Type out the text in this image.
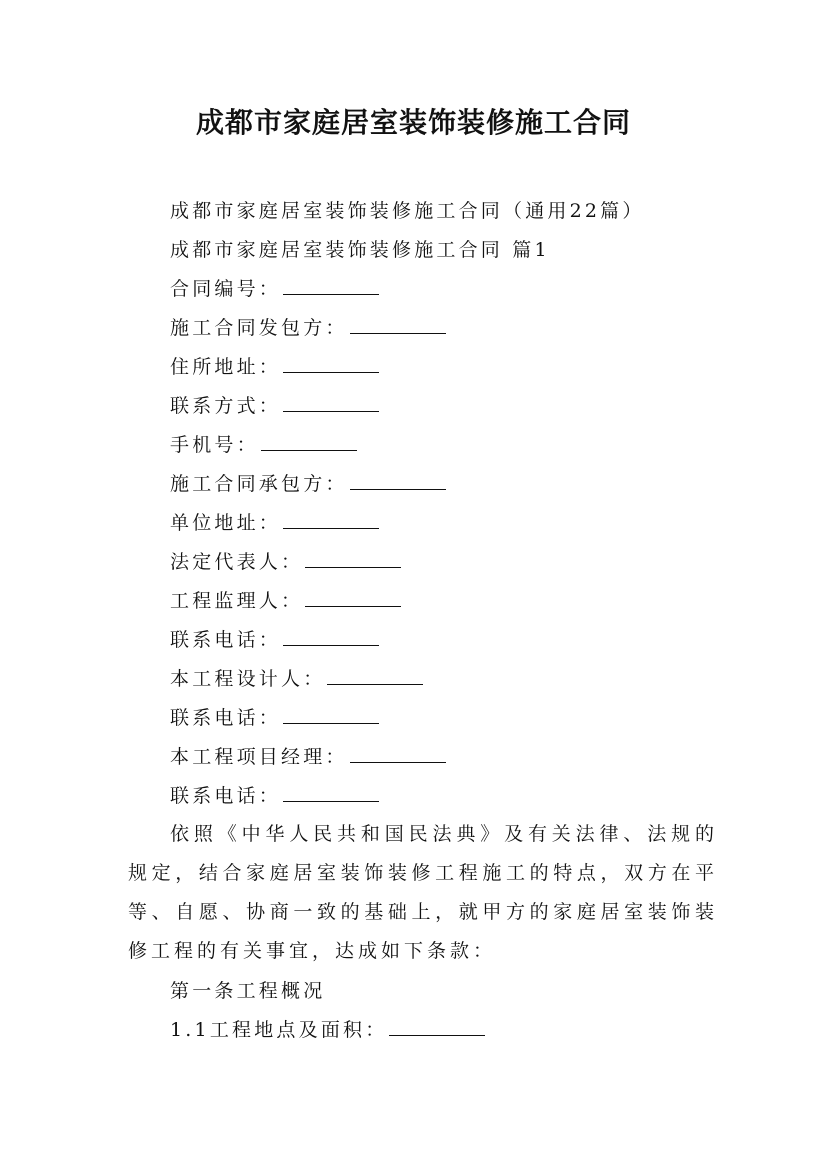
成都市家庭居室装饰装修施工合同
成都市家庭居室装饰装修施工合同（通用22篇）
成都市家庭居室装饰装修施工合同 篇1
合同编号：
施工合同发包方：
住所地址：
联系方式：
手机号：
施工合同承包方：
单位地址：
法定代表人：
工程监理人：
联系电话：
本工程设计人：
联系电话：
本工程项目经理：
联系电话：
依照《中华人民共和国民法典》及有关法律、法规的规定，结合家庭居室装饰装修工程施工的特点，双方在平等、自愿、协商一致的基础上，就甲方的家庭居室装饰装修工程的有关事宜，达成如下条款：
第一条工程概况
1.1工程地点及面积：
